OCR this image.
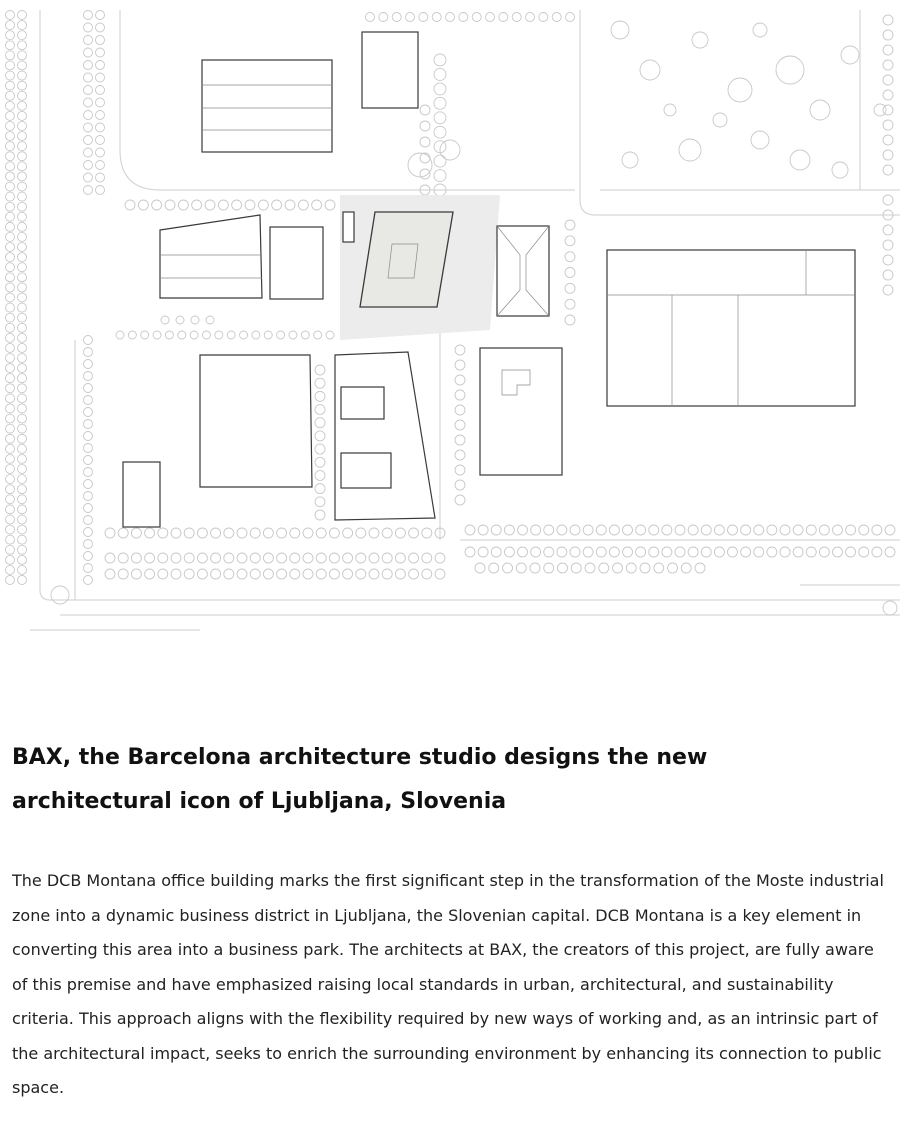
BAX, the Barcelona architecture studio designs the new architectural icon of Ljubljana, Slovenia

The DCB Montana office building marks the first significant step in the transformation of the Moste industrial zone into a dynamic business district in Ljubljana, the Slovenian capital. DCB Montana is a key element in converting this area into a business park. The architects at BAX, the creators of this project, are fully aware of this premise and have emphasized raising local standards in urban, architectural, and sustainability criteria. This approach aligns with the flexibility required by new ways of working and, as an intrinsic part of the architectural impact, seeks to enrich the surrounding environment by enhancing its connection to public space.
